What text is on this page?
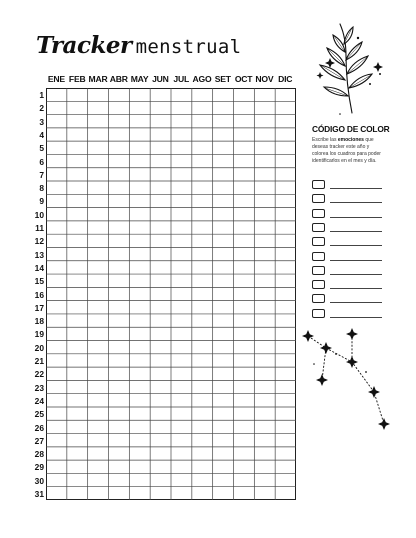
Tracker menstrual
ENE FEB MAR ABR MAY JUN JUL AGO SET OCT NOV DIC
1
2
3
4
5
6
7
8
9
10
11
12
13
14
15
16
17
18
19
20
21
22
23
24
25
26
27
28
29
30
31
CÓDIGO DE COLOR
Escribe las emociones que deseas tracker este año y colorea los cuadros para poder identificarlos en el mes y día.
